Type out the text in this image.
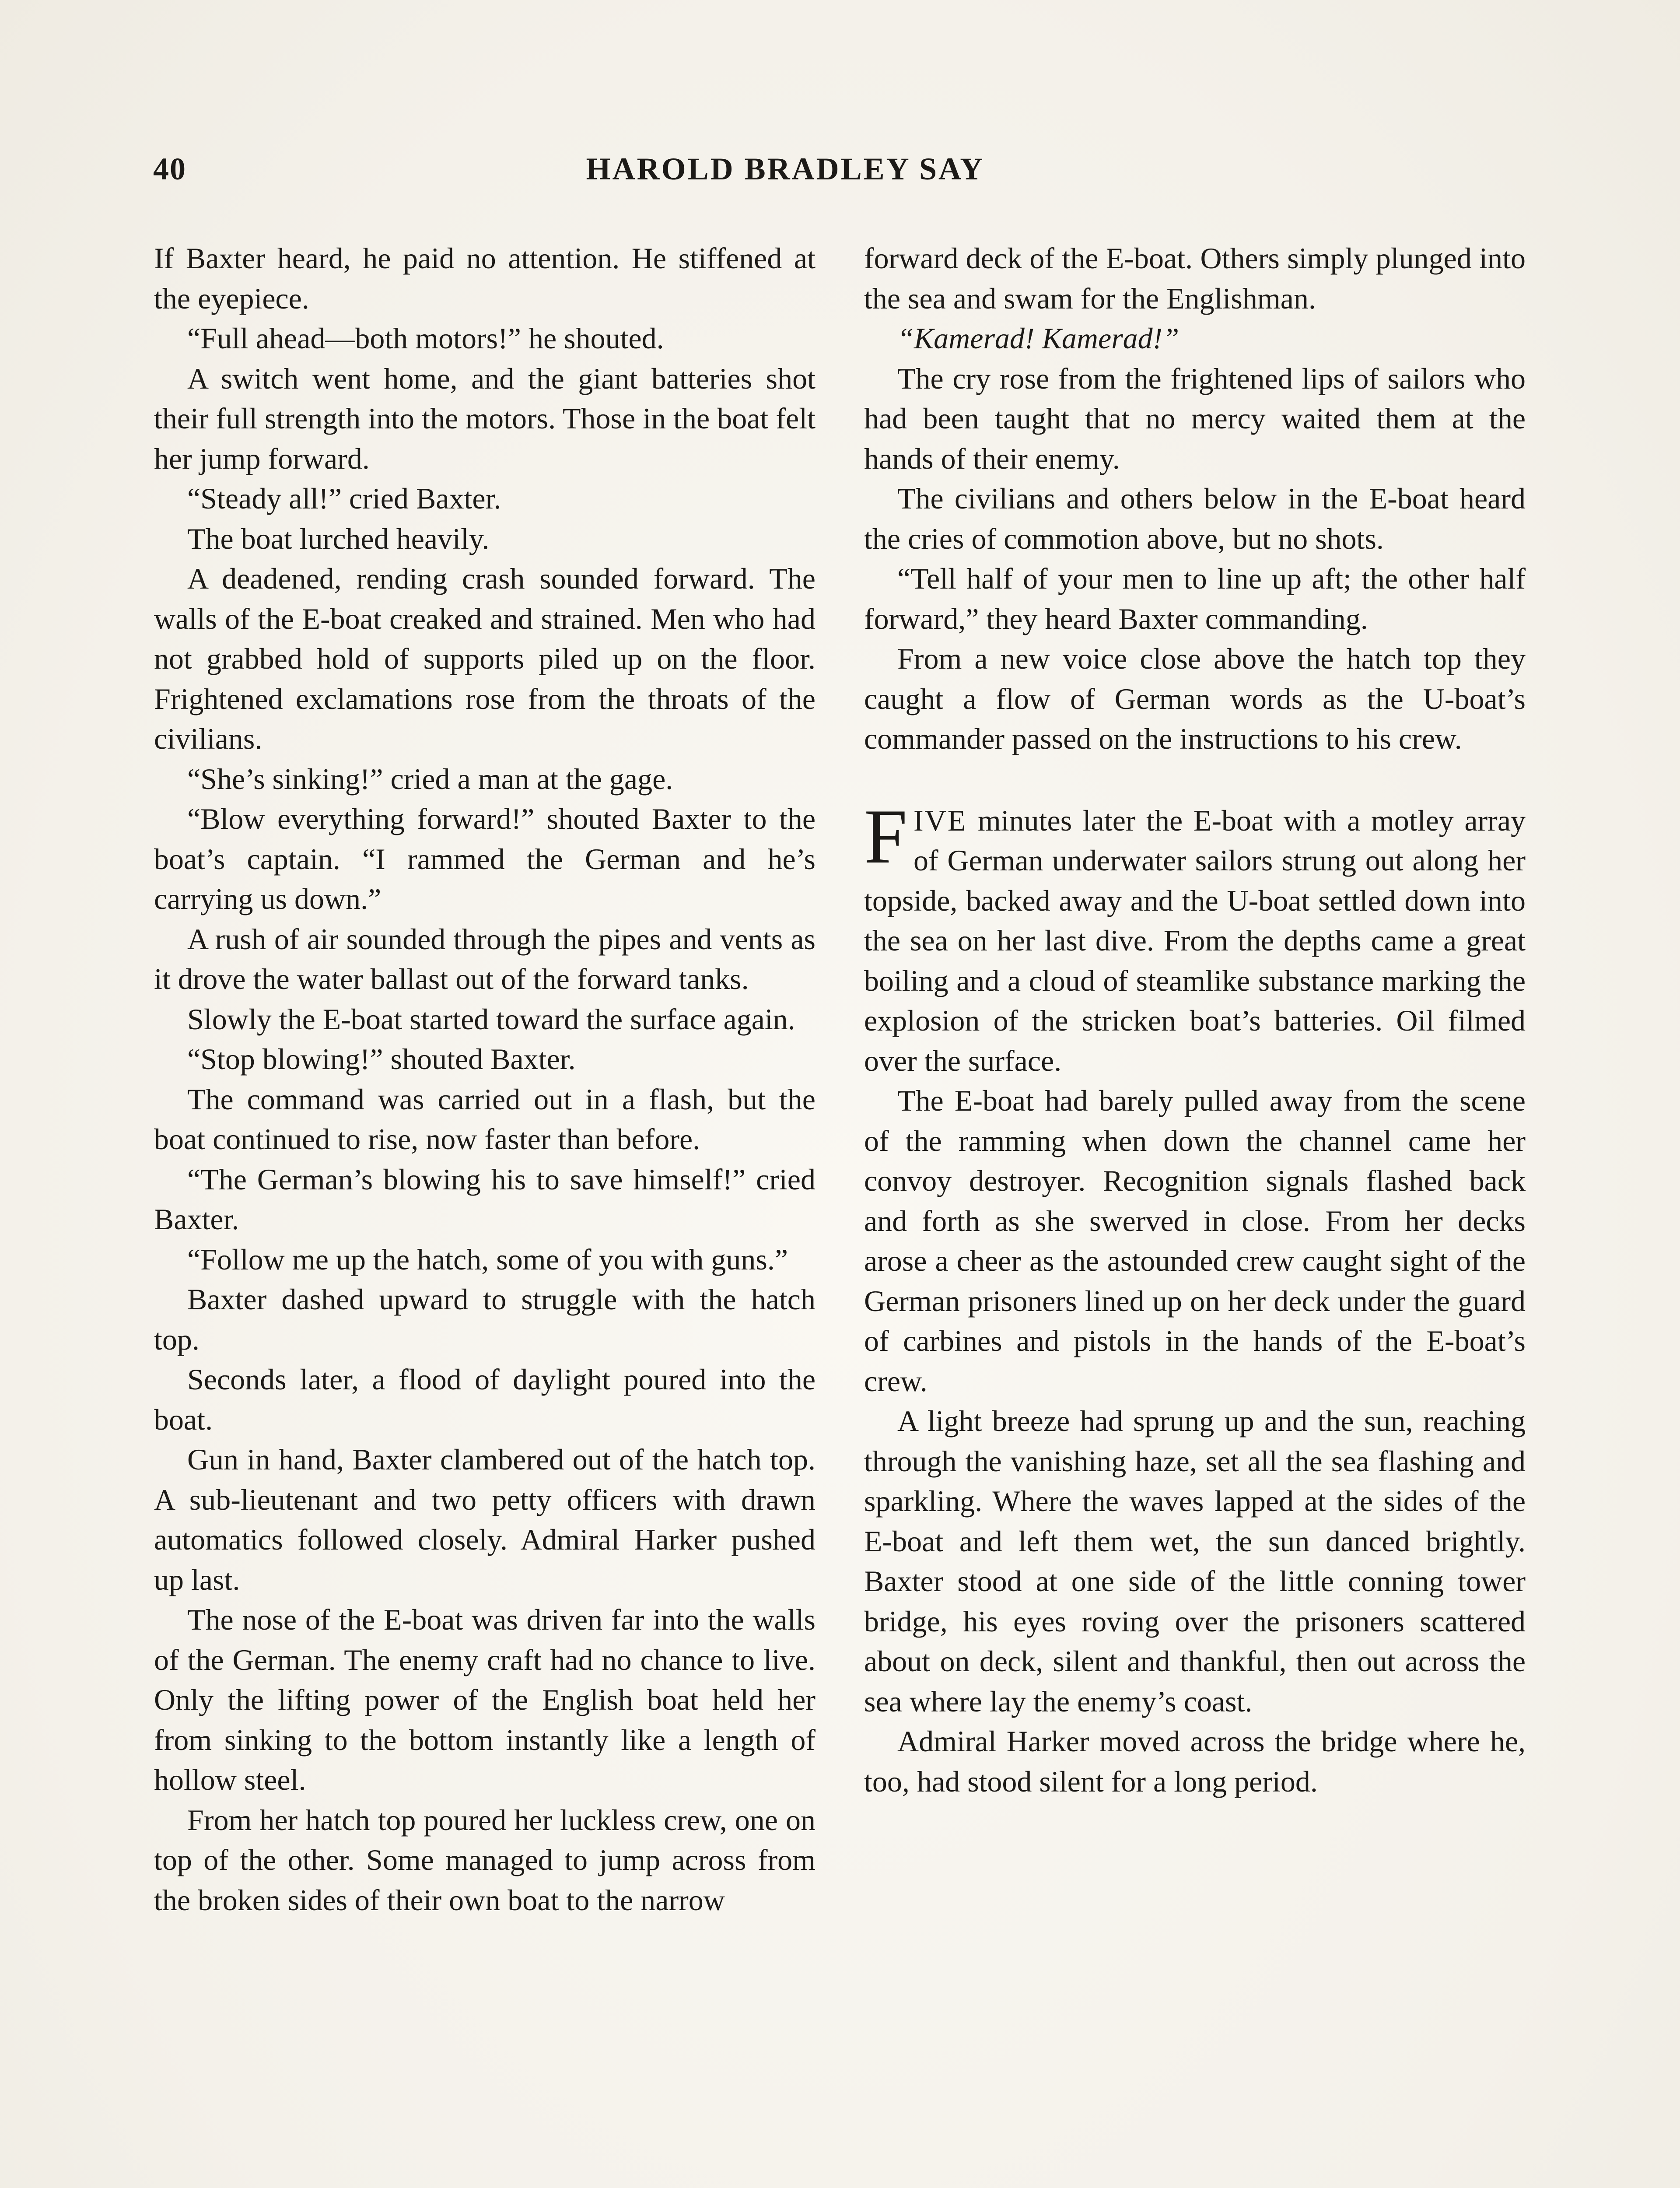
40	HAROLD BRADLEY SAY

If Baxter heard, he paid no attention. He stiffened at the eyepiece.

“Full ahead—both motors!” he shouted.

A switch went home, and the giant batteries shot their full strength into the motors. Those in the boat felt her jump forward.

“Steady all!” cried Baxter.

The boat lurched heavily.

A deadened, rending crash sounded forward. The walls of the E-boat creaked and strained. Men who had not grabbed hold of supports piled up on the floor. Frightened exclamations rose from the throats of the civilians.

“She’s sinking!” cried a man at the gage.

“Blow everything forward!” shouted Baxter to the boat’s captain. “I rammed the German and he’s carrying us down.”

A rush of air sounded through the pipes and vents as it drove the water ballast out of the forward tanks.

Slowly the E-boat started toward the surface again.

“Stop blowing!” shouted Baxter.

The command was carried out in a flash, but the boat continued to rise, now faster than before.

“The German’s blowing his to save himself!” cried Baxter.

“Follow me up the hatch, some of you with guns.”

Baxter dashed upward to struggle with the hatch top.

Seconds later, a flood of daylight poured into the boat.

Gun in hand, Baxter clambered out of the hatch top. A sub-lieutenant and two petty officers with drawn automatics followed closely. Admiral Harker pushed up last.

The nose of the E-boat was driven far into the walls of the German. The enemy craft had no chance to live. Only the lifting power of the English boat held her from sinking to the bottom instantly like a length of hollow steel.

From her hatch top poured her luckless crew, one on top of the other. Some managed to jump across from the broken sides of their own boat to the narrow

forward deck of the E-boat. Others simply plunged into the sea and swam for the Englishman.

“Kamerad! Kamerad!”

The cry rose from the frightened lips of sailors who had been taught that no mercy waited them at the hands of their enemy.

The civilians and others below in the E-boat heard the cries of commotion above, but no shots.

“Tell half of your men to line up aft; the other half forward,” they heard Baxter commanding.

From a new voice close above the hatch top they caught a flow of German words as the U-boat’s commander passed on the instructions to his crew.

FIVE minutes later the E-boat with a motley array of German underwater sailors strung out along her topside, backed away and the U-boat settled down into the sea on her last dive. From the depths came a great boiling and a cloud of steamlike substance marking the explosion of the stricken boat’s batteries. Oil filmed over the surface.

The E-boat had barely pulled away from the scene of the ramming when down the channel came her convoy destroyer. Recognition signals flashed back and forth as she swerved in close. From her decks arose a cheer as the astounded crew caught sight of the German prisoners lined up on her deck under the guard of carbines and pistols in the hands of the E-boat’s crew.

A light breeze had sprung up and the sun, reaching through the vanishing haze, set all the sea flashing and sparkling. Where the waves lapped at the sides of the E-boat and left them wet, the sun danced brightly. Baxter stood at one side of the little conning tower bridge, his eyes roving over the prisoners scattered about on deck, silent and thankful, then out across the sea where lay the enemy’s coast.

Admiral Harker moved across the bridge where he, too, had stood silent for a long period.
